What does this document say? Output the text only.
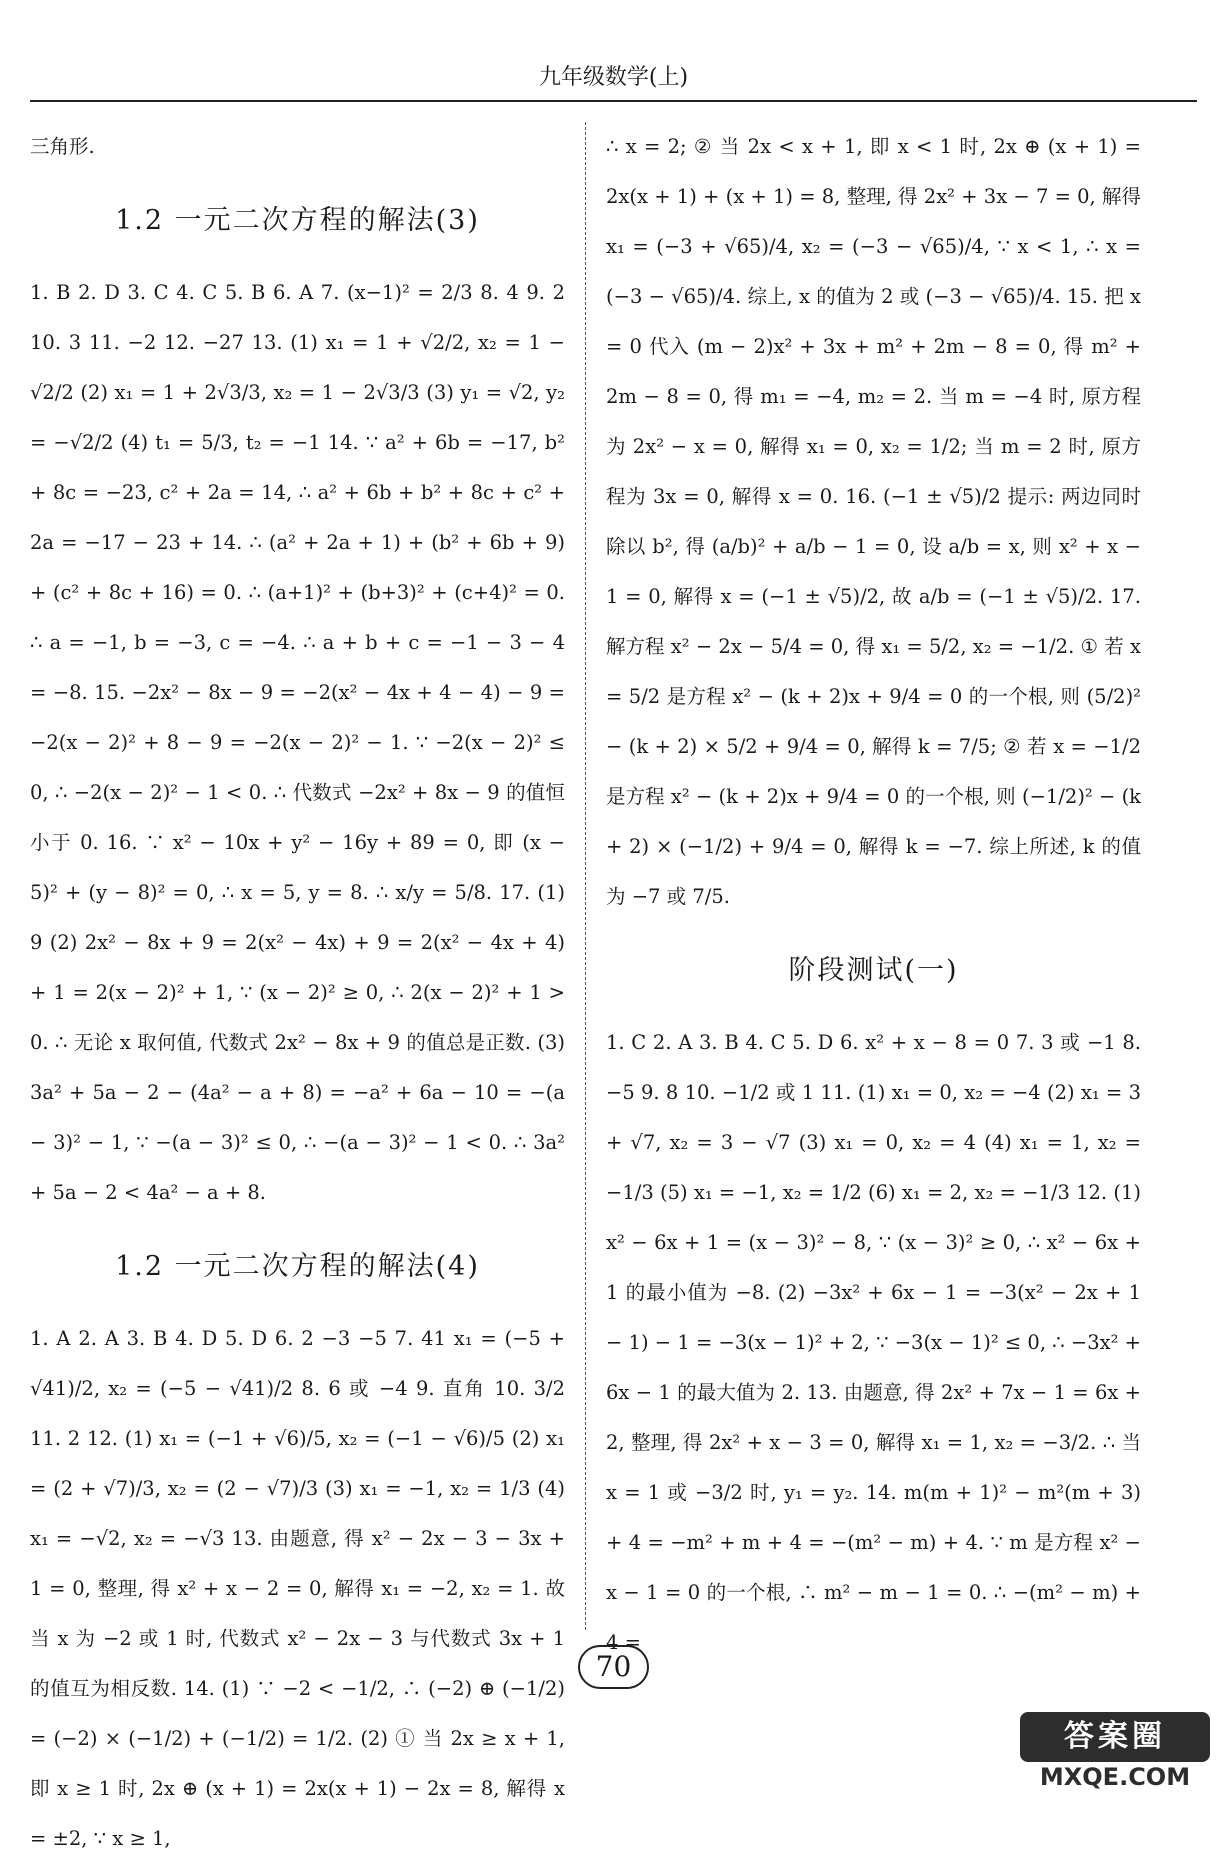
九年级数学(上)

三角形.

1.2 一元二次方程的解法(3)

1. B 2. D 3. C 4. C 5. B 6. A 7. (x−1)² = 2/3 8. 4 9. 2 10. 3 11. −2 12. −27 13. (1) x₁ = 1 + √2/2, x₂ = 1 − √2/2 (2) x₁ = 1 + 2√3/3, x₂ = 1 − 2√3/3 (3) y₁ = √2, y₂ = −√2/2 (4) t₁ = 5/3, t₂ = −1 14. ∵ a² + 6b = −17, b² + 8c = −23, c² + 2a = 14, ∴ a² + 6b + b² + 8c + c² + 2a = −17 − 23 + 14. ∴ (a² + 2a + 1) + (b² + 6b + 9) + (c² + 8c + 16) = 0. ∴ (a+1)² + (b+3)² + (c+4)² = 0. ∴ a = −1, b = −3, c = −4. ∴ a + b + c = −1 − 3 − 4 = −8. 15. −2x² − 8x − 9 = −2(x² − 4x + 4 − 4) − 9 = −2(x − 2)² + 8 − 9 = −2(x − 2)² − 1. ∵ −2(x − 2)² ≤ 0, ∴ −2(x − 2)² − 1 < 0. ∴ 代数式 −2x² + 8x − 9 的值恒小于 0. 16. ∵ x² − 10x + y² − 16y + 89 = 0, 即 (x − 5)² + (y − 8)² = 0, ∴ x = 5, y = 8. ∴ x/y = 5/8. 17. (1) 9 (2) 2x² − 8x + 9 = 2(x² − 4x) + 9 = 2(x² − 4x + 4) + 1 = 2(x − 2)² + 1, ∵ (x − 2)² ≥ 0, ∴ 2(x − 2)² + 1 > 0. ∴ 无论 x 取何值, 代数式 2x² − 8x + 9 的值总是正数. (3) 3a² + 5a − 2 − (4a² − a + 8) = −a² + 6a − 10 = −(a − 3)² − 1, ∵ −(a − 3)² ≤ 0, ∴ −(a − 3)² − 1 < 0. ∴ 3a² + 5a − 2 < 4a² − a + 8.

1.2 一元二次方程的解法(4)

1. A 2. A 3. B 4. D 5. D 6. 2 −3 −5 7. 41 x₁ = (−5 + √41)/2, x₂ = (−5 − √41)/2 8. 6 或 −4 9. 直角 10. 3/2 11. 2 12. (1) x₁ = (−1 + √6)/5, x₂ = (−1 − √6)/5 (2) x₁ = (2 + √7)/3, x₂ = (2 − √7)/3 (3) x₁ = −1, x₂ = 1/3 (4) x₁ = −√2, x₂ = −√3 13. 由题意, 得 x² − 2x − 3 − 3x + 1 = 0, 整理, 得 x² + x − 2 = 0, 解得 x₁ = −2, x₂ = 1. 故当 x 为 −2 或 1 时, 代数式 x² − 2x − 3 与代数式 3x + 1 的值互为相反数. 14. (1) ∵ −2 < −1/2, ∴ (−2) ⊕ (−1/2) = (−2) × (−1/2) + (−1/2) = 1/2. (2) ① 当 2x ≥ x + 1, 即 x ≥ 1 时, 2x ⊕ (x + 1) = 2x(x + 1) − 2x = 8, 解得 x = ±2, ∵ x ≥ 1,

∴ x = 2; ② 当 2x < x + 1, 即 x < 1 时, 2x ⊕ (x + 1) = 2x(x + 1) + (x + 1) = 8, 整理, 得 2x² + 3x − 7 = 0, 解得 x₁ = (−3 + √65)/4, x₂ = (−3 − √65)/4, ∵ x < 1, ∴ x = (−3 − √65)/4. 综上, x 的值为 2 或 (−3 − √65)/4. 15. 把 x = 0 代入 (m − 2)x² + 3x + m² + 2m − 8 = 0, 得 m² + 2m − 8 = 0, 得 m₁ = −4, m₂ = 2. 当 m = −4 时, 原方程为 2x² − x = 0, 解得 x₁ = 0, x₂ = 1/2; 当 m = 2 时, 原方程为 3x = 0, 解得 x = 0. 16. (−1 ± √5)/2 提示: 两边同时除以 b², 得 (a/b)² + a/b − 1 = 0, 设 a/b = x, 则 x² + x − 1 = 0, 解得 x = (−1 ± √5)/2, 故 a/b = (−1 ± √5)/2. 17. 解方程 x² − 2x − 5/4 = 0, 得 x₁ = 5/2, x₂ = −1/2. ① 若 x = 5/2 是方程 x² − (k + 2)x + 9/4 = 0 的一个根, 则 (5/2)² − (k + 2) × 5/2 + 9/4 = 0, 解得 k = 7/5; ② 若 x = −1/2 是方程 x² − (k + 2)x + 9/4 = 0 的一个根, 则 (−1/2)² − (k + 2) × (−1/2) + 9/4 = 0, 解得 k = −7. 综上所述, k 的值为 −7 或 7/5.

阶段测试(一)

1. C 2. A 3. B 4. C 5. D 6. x² + x − 8 = 0 7. 3 或 −1 8. −5 9. 8 10. −1/2 或 1 11. (1) x₁ = 0, x₂ = −4 (2) x₁ = 3 + √7, x₂ = 3 − √7 (3) x₁ = 0, x₂ = 4 (4) x₁ = 1, x₂ = −1/3 (5) x₁ = −1, x₂ = 1/2 (6) x₁ = 2, x₂ = −1/3 12. (1) x² − 6x + 1 = (x − 3)² − 8, ∵ (x − 3)² ≥ 0, ∴ x² − 6x + 1 的最小值为 −8. (2) −3x² + 6x − 1 = −3(x² − 2x + 1 − 1) − 1 = −3(x − 1)² + 2, ∵ −3(x − 1)² ≤ 0, ∴ −3x² + 6x − 1 的最大值为 2. 13. 由题意, 得 2x² + 7x − 1 = 6x + 2, 整理, 得 2x² + x − 3 = 0, 解得 x₁ = 1, x₂ = −3/2. ∴ 当 x = 1 或 −3/2 时, y₁ = y₂. 14. m(m + 1)² − m²(m + 3) + 4 = −m² + m + 4 = −(m² − m) + 4. ∵ m 是方程 x² − x − 1 = 0 的一个根, ∴ m² − m − 1 = 0. ∴ −(m² − m) + 4 =

70
答案圈
MXQE.COM
